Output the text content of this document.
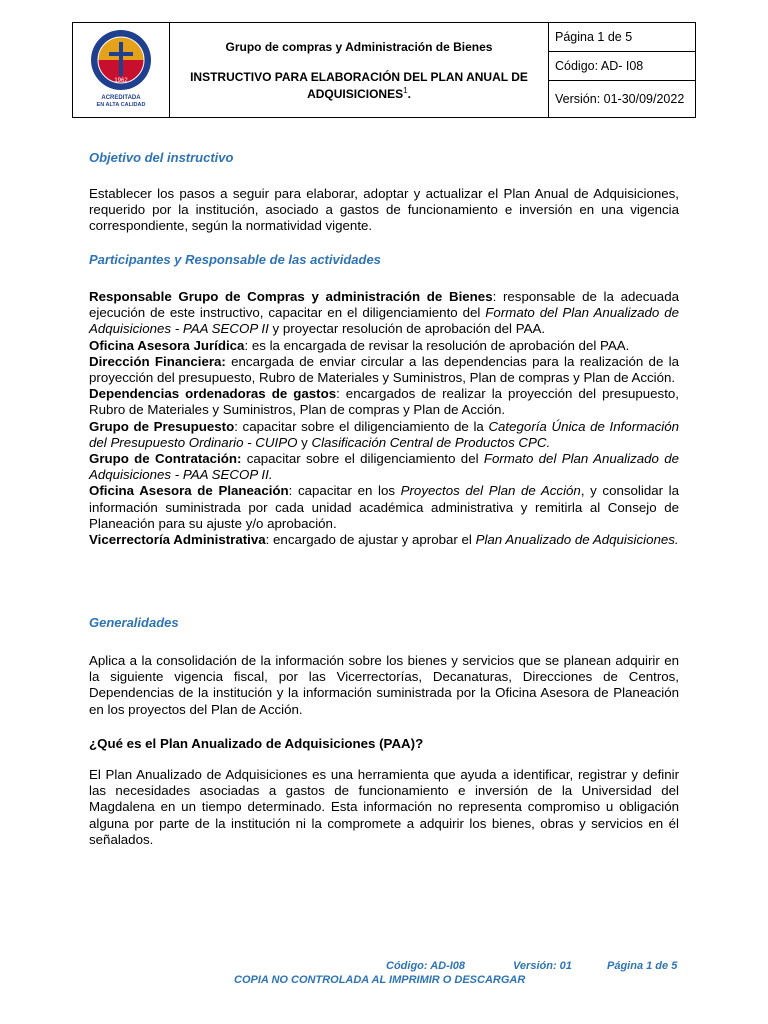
1962
ACREDITADA
EN ALTA CALIDAD

Grupo de compras y Administración de Bienes
INSTRUCTIVO PARA ELABORACIÓN DEL PLAN ANUAL DE ADQUISICIONES$^1$.
	Página 1 de 5
Código: AD- I08
Versión: 01-30/09/2022
Objetivo del instructivo
Establecer los pasos a seguir para elaborar, adoptar y actualizar el Plan Anual de Adquisiciones, requerido por la institución, asociado a gastos de funcionamiento e inversión en una vigencia correspondiente, según la normatividad vigente.
Participantes y Responsable de las actividades
Responsable Grupo de Compras y administración de Bienes: responsable de la adecuada ejecución de este instructivo, capacitar en el diligenciamiento del Formato del Plan Anualizado de Adquisiciones - PAA SECOP II y proyectar resolución de aprobación del PAA.
Oficina Asesora Jurídica: es la encargada de revisar la resolución de aprobación del PAA.
Dirección Financiera: encargada de enviar circular a las dependencias para la realización de la proyección del presupuesto, Rubro de Materiales y Suministros, Plan de compras y Plan de Acción.
Dependencias ordenadoras de gastos: encargados de realizar la proyección del presupuesto, Rubro de Materiales y Suministros, Plan de compras y Plan de Acción.
Grupo de Presupuesto: capacitar sobre el diligenciamiento de la Categoría Única de Información del Presupuesto Ordinario - CUIPO y Clasificación Central de Productos CPC.
Grupo de Contratación: capacitar sobre el diligenciamiento del Formato del Plan Anualizado de Adquisiciones - PAA SECOP II.
Oficina Asesora de Planeación: capacitar en los Proyectos del Plan de Acción, y consolidar la información suministrada por cada unidad académica administrativa y remitirla al Consejo de Planeación para su ajuste y/o aprobación.
Vicerrectoría Administrativa: encargado de ajustar y aprobar el Plan Anualizado de Adquisiciones.
Generalidades
Aplica a la consolidación de la información sobre los bienes y servicios que se planean adquirir en la siguiente vigencia fiscal, por las Vicerrectorías, Decanaturas, Direcciones de Centros, Dependencias de la institución y la información suministrada por la Oficina Asesora de Planeación en los proyectos del Plan de Acción.
¿Qué es el Plan Anualizado de Adquisiciones (PAA)?
El Plan Anualizado de Adquisiciones es una herramienta que ayuda a identificar, registrar y definir las necesidades asociadas a gastos de funcionamiento e inversión de la Universidad del Magdalena en un tiempo determinado. Esta información no representa compromiso u obligación alguna por parte de la institución ni la compromete a adquirir los bienes, obras y servicios en él señalados.
Código: AD-I08	Versión: 01	Página 1 de 5
COPIA NO CONTROLADA AL IMPRIMIR O DESCARGAR
